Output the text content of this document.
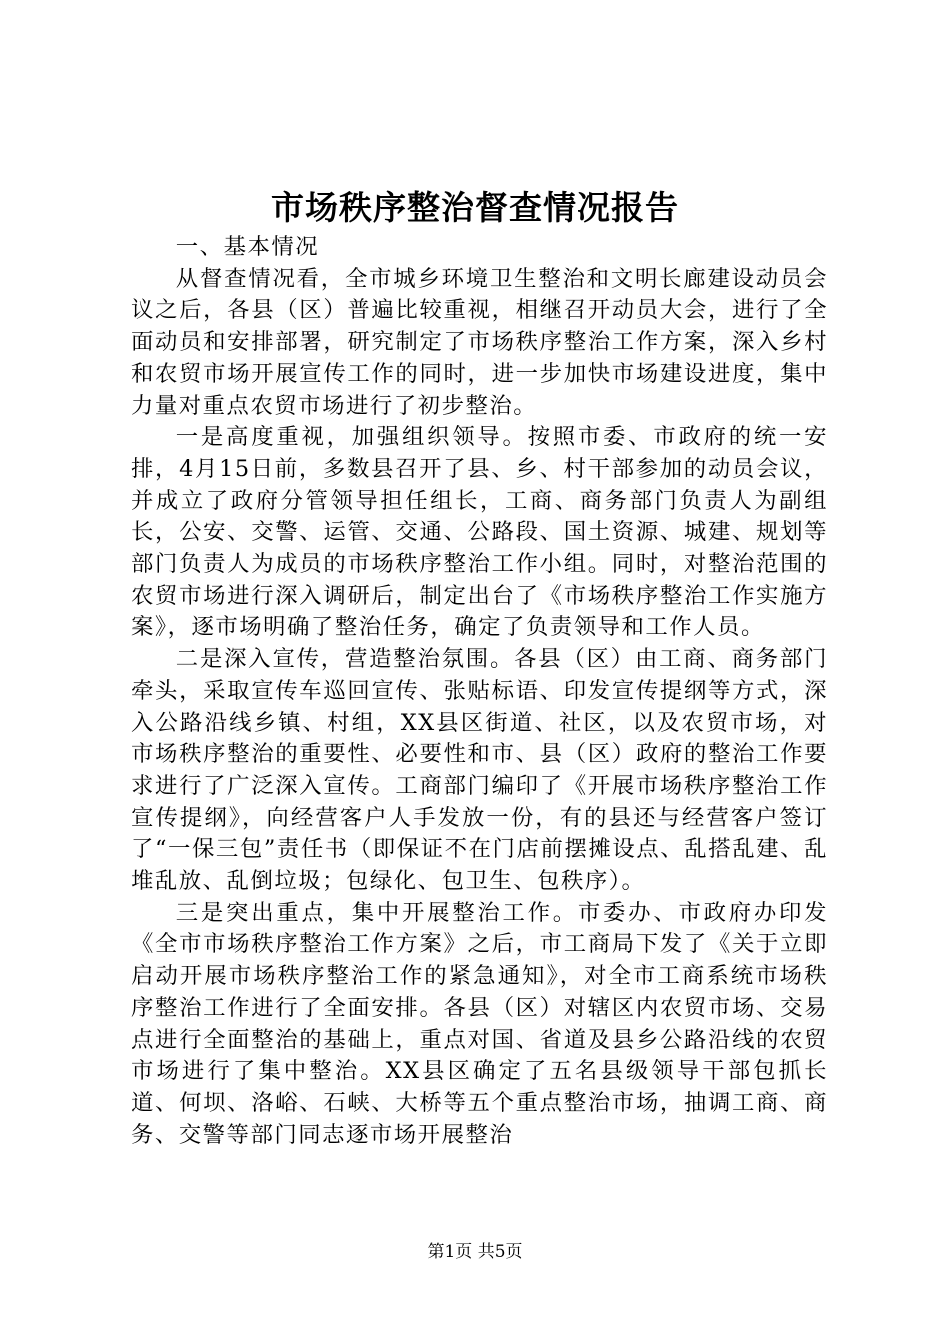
市场秩序整治督查情况报告

一、基本情况

从督查情况看，全市城乡环境卫生整治和文明长廊建设动员会议之后，各县（区）普遍比较重视，相继召开动员大会，进行了全面动员和安排部署，研究制定了市场秩序整治工作方案，深入乡村和农贸市场开展宣传工作的同时，进一步加快市场建设进度，集中力量对重点农贸市场进行了初步整治。

一是高度重视，加强组织领导。按照市委、市政府的统一安排，4月15日前，多数县召开了县、乡、村干部参加的动员会议，并成立了政府分管领导担任组长，工商、商务部门负责人为副组长，公安、交警、运管、交通、公路段、国土资源、城建、规划等部门负责人为成员的市场秩序整治工作小组。同时，对整治范围的农贸市场进行深入调研后，制定出台了《市场秩序整治工作实施方案》，逐市场明确了整治任务，确定了负责领导和工作人员。

二是深入宣传，营造整治氛围。各县（区）由工商、商务部门牵头，采取宣传车巡回宣传、张贴标语、印发宣传提纲等方式，深入公路沿线乡镇、村组，XX县区街道、社区，以及农贸市场，对市场秩序整治的重要性、必要性和市、县（区）政府的整治工作要求进行了广泛深入宣传。工商部门编印了《开展市场秩序整治工作宣传提纲》，向经营客户人手发放一份，有的县还与经营客户签订了“一保三包”责任书（即保证不在门店前摆摊设点、乱搭乱建、乱堆乱放、乱倒垃圾；包绿化、包卫生、包秩序）。

三是突出重点，集中开展整治工作。市委办、市政府办印发《全市市场秩序整治工作方案》之后，市工商局下发了《关于立即启动开展市场秩序整治工作的紧急通知》，对全市工商系统市场秩序整治工作进行了全面安排。各县（区）对辖区内农贸市场、交易点进行全面整治的基础上，重点对国、省道及县乡公路沿线的农贸市场进行了集中整治。XX县区确定了五名县级领导干部包抓长道、何坝、洛峪、石峡、大桥等五个重点整治市场，抽调工商、商务、交警等部门同志逐市场开展整治

第1页 共5页
